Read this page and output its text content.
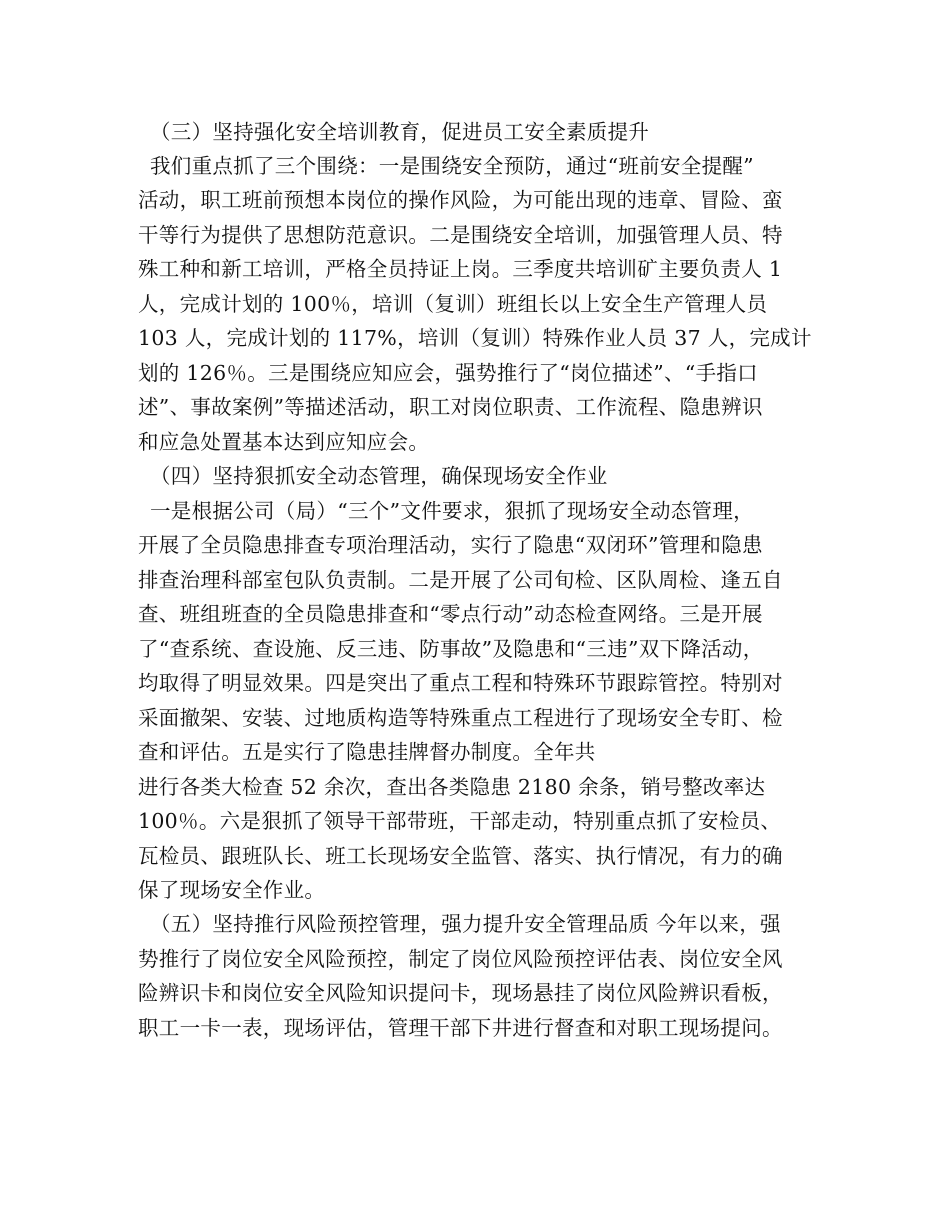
（三）坚持强化安全培训教育，促进员工安全素质提升
我们重点抓了三个围绕：一是围绕安全预防，通过“班前安全提醒”
活动，职工班前预想本岗位的操作风险，为可能出现的违章、冒险、蛮
干等行为提供了思想防范意识。二是围绕安全培训，加强管理人员、特
殊工种和新工培训，严格全员持证上岗。三季度共培训矿主要负责人 1
人，完成计划的 100％，培训（复训）班组长以上安全生产管理人员
103 人，完成计划的 117%，培训（复训）特殊作业人员 37 人，完成计
划的 126％。三是围绕应知应会，强势推行了“岗位描述”、“手指口
述”、事故案例”等描述活动，职工对岗位职责、工作流程、隐患辨识
和应急处置基本达到应知应会。
（四）坚持狠抓安全动态管理，确保现场安全作业
一是根据公司（局）“三个”文件要求，狠抓了现场安全动态管理，
开展了全员隐患排查专项治理活动，实行了隐患“双闭环”管理和隐患
排查治理科部室包队负责制。二是开展了公司旬检、区队周检、逢五自
查、班组班查的全员隐患排查和“零点行动”动态检查网络。三是开展
了“查系统、查设施、反三违、防事故”及隐患和“三违”双下降活动，
均取得了明显效果。四是突出了重点工程和特殊环节跟踪管控。特别对
采面撤架、安装、过地质构造等特殊重点工程进行了现场安全专盯、检
查和评估。五是实行了隐患挂牌督办制度。全年共
进行各类大检查 52 余次，查出各类隐患 2180 余条，销号整改率达
100％。六是狠抓了领导干部带班，干部走动，特别重点抓了安检员、
瓦检员、跟班队长、班工长现场安全监管、落实、执行情况，有力的确
保了现场安全作业。
（五）坚持推行风险预控管理，强力提升安全管理品质 今年以来，强
势推行了岗位安全风险预控，制定了岗位风险预控评估表、岗位安全风
险辨识卡和岗位安全风险知识提问卡，现场悬挂了岗位风险辨识看板，
职工一卡一表，现场评估，管理干部下井进行督查和对职工现场提问。
